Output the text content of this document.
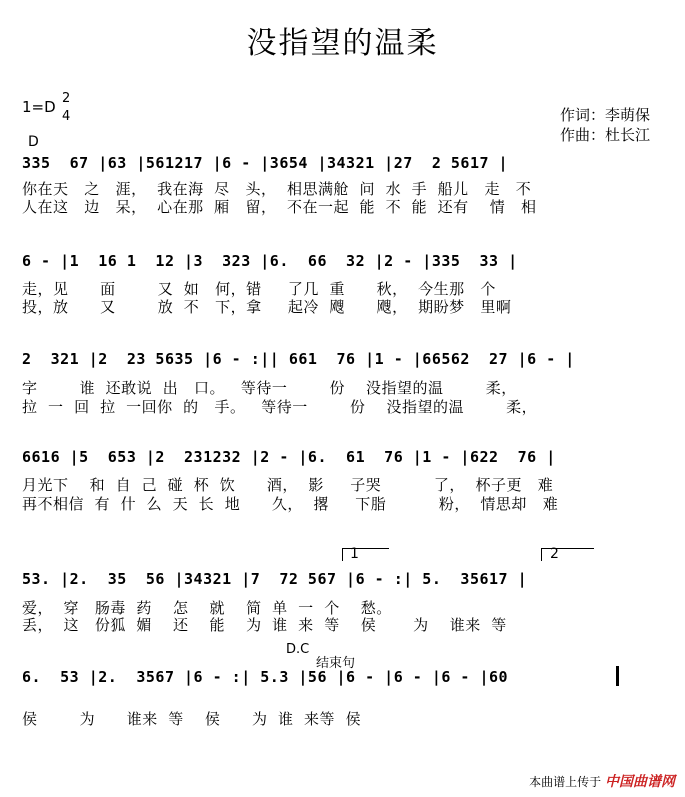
没指望的温柔
1=D 2
4
D
作词：李萌保
作曲：杜长江
335  67 |63 |561217 |6 - |3654 |34321 |27  2 5617 |
你在天   之   涯，  我在海  尽   头，  相思满舱  问  水  手  船儿   走   不
人在这   边   呆，  心在那  厢   留，  不在一起  能  不  能  还有    情   相
6 - |1  16 1  12 |3  323 |6.  66  32 |2 - |335  33 |
走，见      面        又  如   何，错     了几  重      秋，  今生那   个
投，放      又        放  不   下，拿     起冷  飕      飕，  期盼梦   里啊
2  321 |2  23 5635 |6 - :|| 661  76 |1 - |66562  27 |6 - |
字        谁  还敢说  出   口。   等待一        份    没指望的温        柔，
拉  一  回  拉  一回你  的   手。   等待一        份    没指望的温        柔，
6616 |5  653 |2  231232 |2 - |6.  61  76 |1 - |622  76 |
月光下    和  自  己  碰  杯  饮      酒，  影     子哭          了，  杯子更   难
再不相信  有  什  么  天  长  地      久，  撂     下脂          粉，  情思却   难
1	2
53. |2.  35  56 |34321 |7  72 567 |6 - :| 5.  35617 |
爱，  穿   肠毒  药    怎    就    简  单  一  个    愁。
丢，  这   份狐  媚    还    能    为  谁  来  等    侯       为    谁来  等
D.C
结束句
6.  53 |2.  3567 |6 - :| 5.3 |56 |6 - |6 - |6 - |60
侯        为      谁来  等    侯      为  谁  来等  侯
本曲谱上传于 中国曲谱网
